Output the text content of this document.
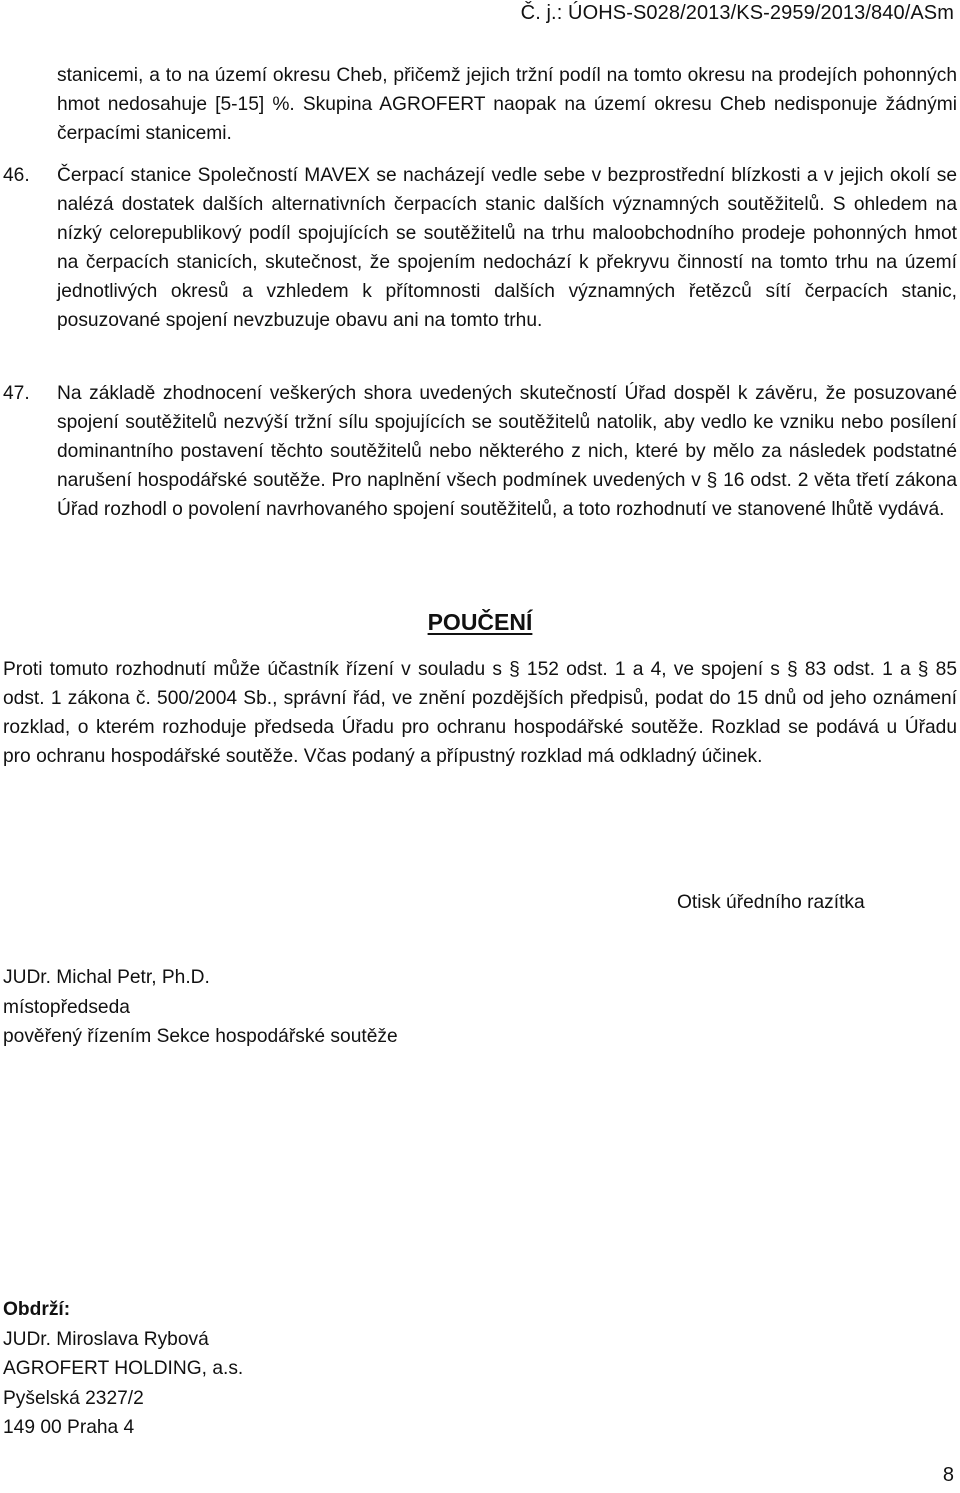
Č. j.: ÚOHS-S028/2013/KS-2959/2013/840/ASm
stanicemi, a to na území okresu Cheb, přičemž jejich tržní podíl na tomto okresu na prodejích pohonných hmot nedosahuje [5-15] %. Skupina AGROFERT naopak na území okresu Cheb nedisponuje žádnými čerpacími stanicemi.
46.	Čerpací stanice Společností MAVEX se nacházejí vedle sebe v bezprostřední blízkosti a v jejich okolí se nalézá dostatek dalších alternativních čerpacích stanic dalších významných soutěžitelů. S ohledem na nízký celorepublikový podíl spojujících se soutěžitelů na trhu maloobchodního prodeje pohonných hmot na čerpacích stanicích, skutečnost, že spojením nedochází k překryvu činností na tomto trhu na území jednotlivých okresů a vzhledem k přítomnosti dalších významných řetězců sítí čerpacích stanic, posuzované spojení nevzbuzuje obavu ani na tomto trhu.
47.	Na základě zhodnocení veškerých shora uvedených skutečností Úřad dospěl k závěru, že posuzované spojení soutěžitelů nezvýší tržní sílu spojujících se soutěžitelů natolik, aby vedlo ke vzniku nebo posílení dominantního postavení těchto soutěžitelů nebo některého z nich, které by mělo za následek podstatné narušení hospodářské soutěže. Pro naplnění všech podmínek uvedených v § 16 odst. 2 věta třetí zákona Úřad rozhodl o povolení navrhovaného spojení soutěžitelů, a toto rozhodnutí ve stanovené lhůtě vydává.
POUČENÍ
Proti tomuto rozhodnutí může účastník řízení v souladu s § 152 odst. 1 a 4, ve spojení s § 83 odst. 1 a § 85 odst. 1 zákona č. 500/2004 Sb., správní řád, ve znění pozdějších předpisů, podat do 15 dnů od jeho oznámení rozklad, o kterém rozhoduje předseda Úřadu pro ochranu hospodářské soutěže. Rozklad se podává u Úřadu pro ochranu hospodářské soutěže. Včas podaný a přípustný rozklad má odkladný účinek.
Otisk úředního razítka
JUDr. Michal Petr, Ph.D.
místopředseda
pověřený řízením Sekce hospodářské soutěže
Obdrží:
JUDr. Miroslava Rybová
AGROFERT HOLDING, a.s.
Pyšelská 2327/2
149 00 Praha 4
8
